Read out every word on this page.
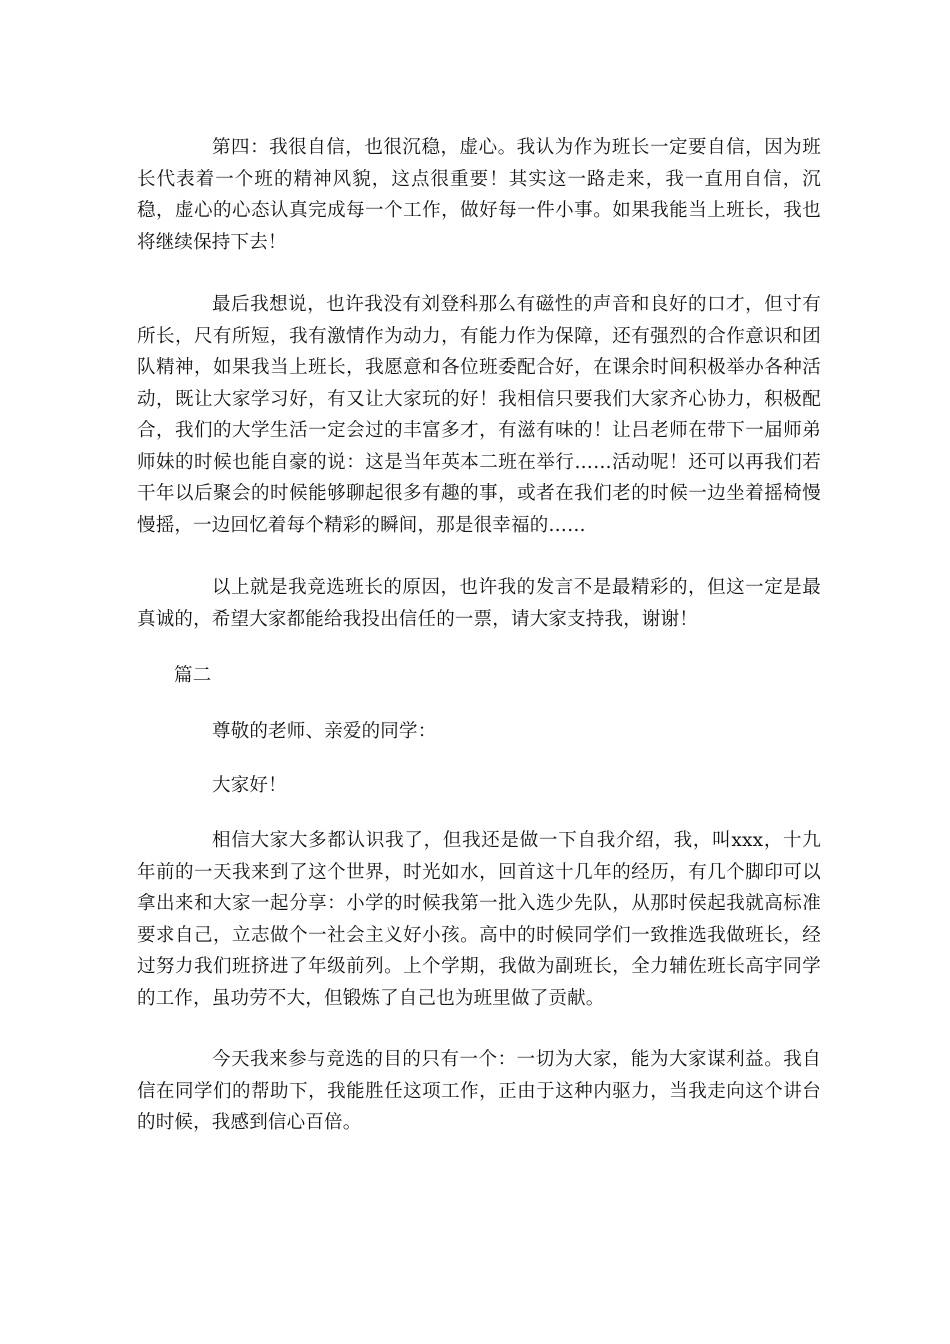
第四：我很自信，也很沉稳，虚心。我认为作为班长一定要自信，因为班长代表着一个班的精神风貌，这点很重要！其实这一路走来，我一直用自信，沉稳，虚心的心态认真完成每一个工作，做好每一件小事。如果我能当上班长，我也将继续保持下去！

最后我想说，也许我没有刘登科那么有磁性的声音和良好的口才，但寸有所长，尺有所短，我有激情作为动力，有能力作为保障，还有强烈的合作意识和团队精神，如果我当上班长，我愿意和各位班委配合好，在课余时间积极举办各种活动，既让大家学习好，有又让大家玩的好！我相信只要我们大家齐心协力，积极配合，我们的大学生活一定会过的丰富多才，有滋有味的！让吕老师在带下一届师弟师妹的时候也能自豪的说：这是当年英本二班在举行……活动呢！还可以再我们若干年以后聚会的时候能够聊起很多有趣的事，或者在我们老的时候一边坐着摇椅慢慢摇，一边回忆着每个精彩的瞬间，那是很幸福的……

以上就是我竞选班长的原因，也许我的发言不是最精彩的，但这一定是最真诚的，希望大家都能给我投出信任的一票，请大家支持我，谢谢！

篇二

尊敬的老师、亲爱的同学：

大家好！

相信大家大多都认识我了，但我还是做一下自我介绍，我，叫xxx，十九年前的一天我来到了这个世界，时光如水，回首这十几年的经历，有几个脚印可以拿出来和大家一起分享：小学的时候我第一批入选少先队，从那时侯起我就高标准要求自己，立志做个一社会主义好小孩。高中的时候同学们一致推选我做班长，经过努力我们班挤进了年级前列。上个学期，我做为副班长，全力辅佐班长高宇同学的工作，虽功劳不大，但锻炼了自己也为班里做了贡献。

今天我来参与竞选的目的只有一个：一切为大家，能为大家谋利益。我自信在同学们的帮助下，我能胜任这项工作，正由于这种内驱力，当我走向这个讲台的时候，我感到信心百倍。
